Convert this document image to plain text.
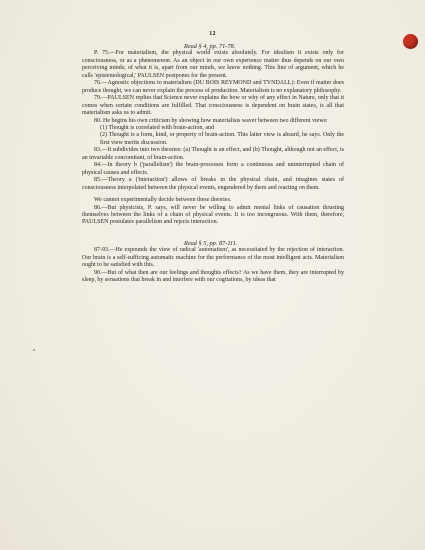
12

Read § 4, pp. 71-78.

P. 75.—For materialism, the physical world exists absolutely. For idealism it exists only for consciousness, or as a phenomenon. As an object in our own experience matter thus depends on our own perceiving minds; of what it is, apart from our minds, we know nothing. This line of argument, which he calls 'epistemological,' PAULSEN postpones for the present.

76.—Agnostic objections to materialism (DU BOIS REYMOND and TYNDALL): Even if matter does produce thought, we can never explain the process of production. Materialism is no explanatory philosophy.

79.—PAULSEN replies that Science never explains the how or why of any effect in Nature, only that it comes when certain conditions are fulfilled. That consciousness is dependent on brain states, is all that materialism asks us to admit.

80. He begins his own criticism by showing how materialists waver between two different views:

(1) Thought is correlated with brain-action, and

(2) Thought is a form, kind, or property of brain-action. This latter view is absurd, he says. Only the first view merits discussion.

83.—It subdivides into two theories: (a) Thought is an effect, and (b) Thought, although not an effect, is an invariable concomitant, of brain-action.

84.—In theory b ('parallelism') the brain-processes form a continuous and uninterrupted chain of physical causes and effects.

85.—Theory a ('interaction') allows of breaks in the physical chain, and imagines states of consciousness interpolated between the physical events, engendered by them and reacting on them.

We cannot experimentally decide between these theories.

86.—But physicists, P. says, will never be willing to admit mental links of causation thrusting themselves between the links of a chain of physical events. It is too incongruous. With them, therefore, PAULSEN postulates parallelism and rejects interaction.

Read § 5, pp. 87-111.

87-93.—He expounds the view of radical 'automatism', as necessitated by the rejection of interaction. Our brain is a self-sufficing automatic machine for the performance of the most intelligent acts. Materialism ought to be satisfied with this.

90.—But of what then are our feelings and thoughts effects? As we have them, they are interrupted by sleep, by sensations that break in and interfere with our cogitations, by ideas that
